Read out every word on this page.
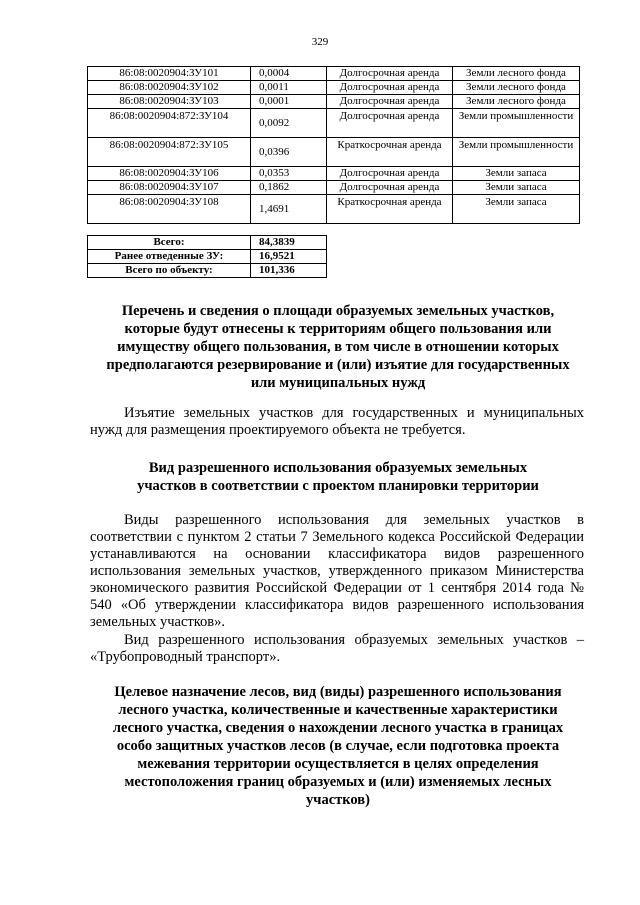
329
86:08:0020904:ЗУ101	0,0004	Долгосрочная аренда	Земли лесного фонда
86:08:0020904:ЗУ102	0,0011	Долгосрочная аренда	Земли лесного фонда
86:08:0020904:ЗУ103	0,0001	Долгосрочная аренда	Земли лесного фонда
86:08:0020904:872:ЗУ104	0,0092	Долгосрочная аренда	Земли промышленности
86:08:0020904:872:ЗУ105	0,0396	Краткосрочная аренда	Земли промышленности
86:08:0020904:ЗУ106	0,0353	Долгосрочная аренда	Земли запаса
86:08:0020904:ЗУ107	0,1862	Долгосрочная аренда	Земли запаса
86:08:0020904:ЗУ108	1,4691	Краткосрочная аренда	Земли запаса
Всего:	84,3839
Ранее отведенные ЗУ:	16,9521
Всего по объекту:	101,336
Перечень и сведения о площади образуемых земельных участков, которые будут отнесены к территориям общего пользования или имуществу общего пользования, в том числе в отношении которых предполагаются резервирование и (или) изъятие для государственных или муниципальных нужд
Изъятие земельных участков для государственных и муниципальных нужд для размещения проектируемого объекта не требуется.
Вид разрешенного использования образуемых земельных участков в соответствии с проектом планировки территории
Виды разрешенного использования для земельных участков в соответствии с пунктом 2 статьи 7 Земельного кодекса Российской Федерации устанавливаются на основании классификатора видов разрешенного использования земельных участков, утвержденного приказом Министерства экономического развития Российской Федерации от 1 сентября 2014 года № 540 «Об утверждении классификатора видов разрешенного использования земельных участков».
Вид разрешенного использования образуемых земельных участков – «Трубопроводный транспорт».
Целевое назначение лесов, вид (виды) разрешенного использования лесного участка, количественные и качественные характеристики лесного участка, сведения о нахождении лесного участка в границах особо защитных участков лесов (в случае, если подготовка проекта межевания территории осуществляется в целях определения местоположения границ образуемых и (или) изменяемых лесных участков)
